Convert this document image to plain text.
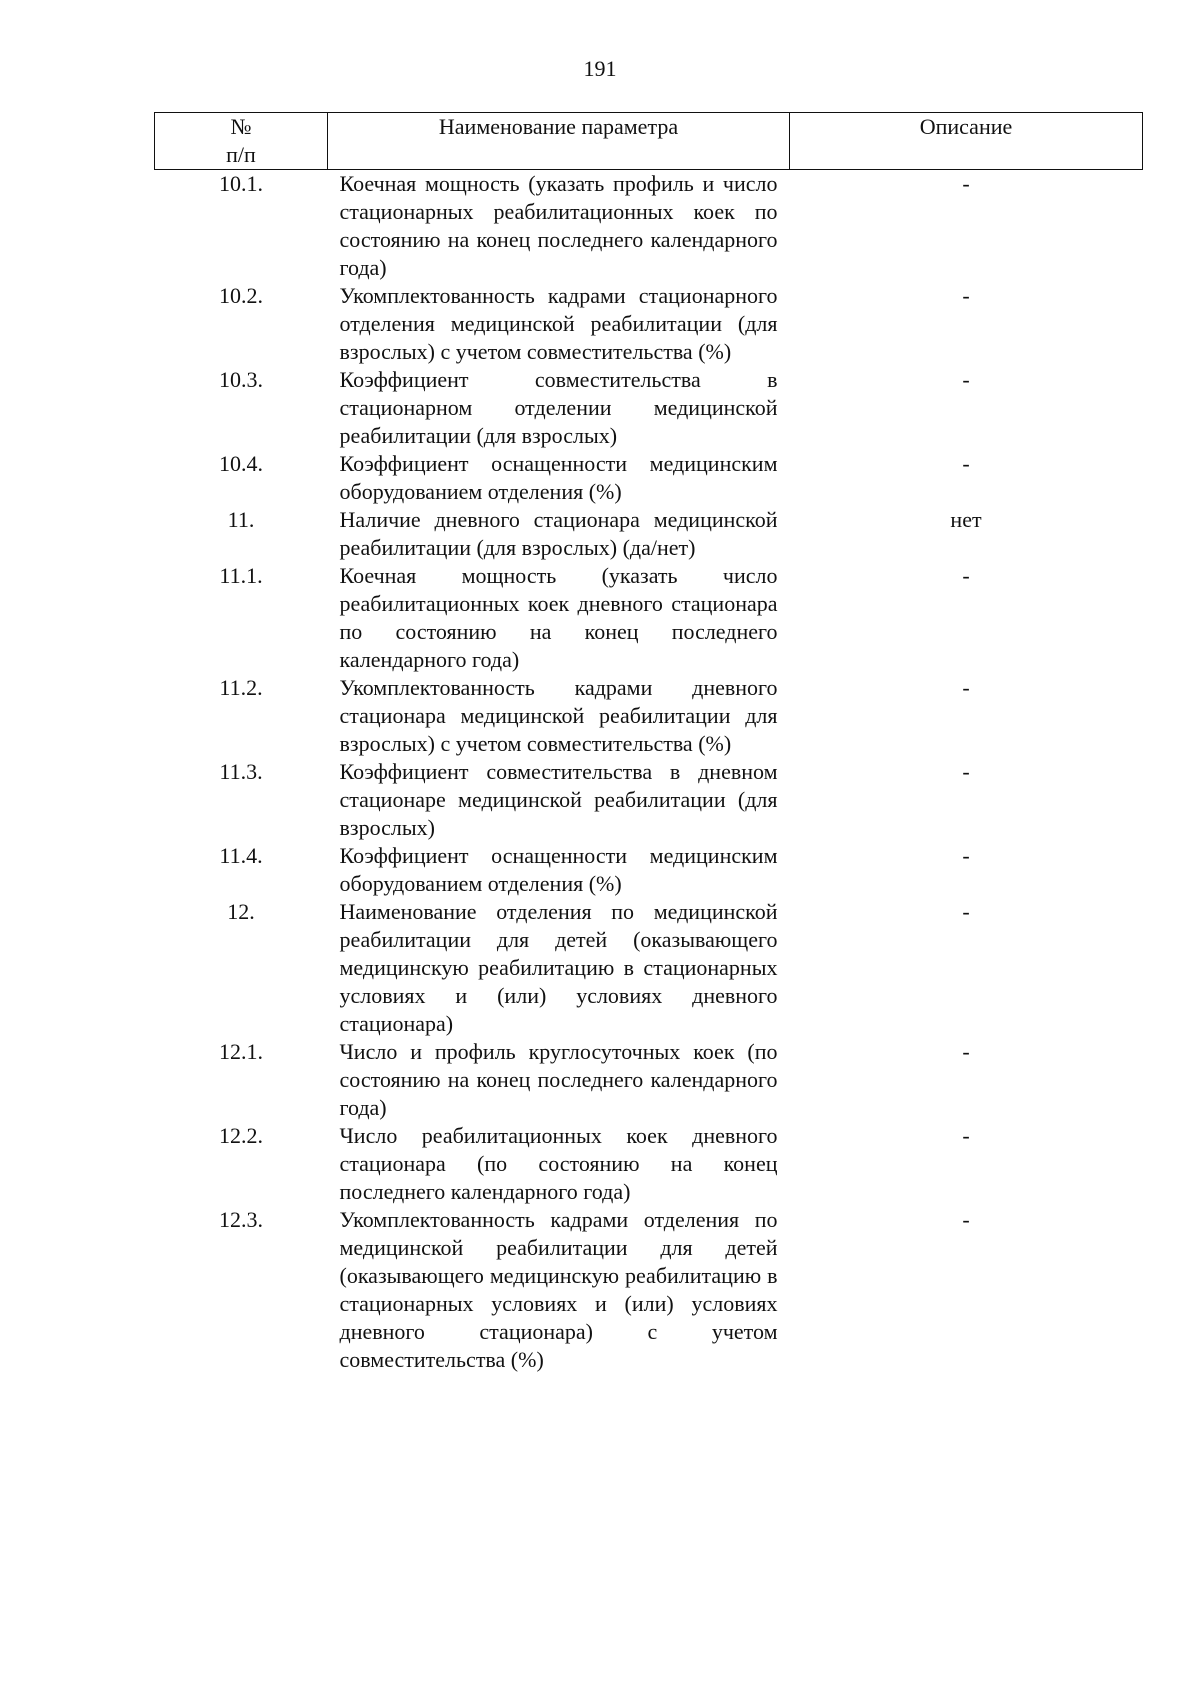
191
№
п/п	Наименование параметра	Описание
10.1.	Коечная мощность (указать профиль и число стационарных реабилитационных коек по состоянию на конец последнего календарного года)	-
10.2.	Укомплектованность кадрами стационарного отделения медицинской реабилитации (для взрослых) с учетом совместительства (%)	-
10.3.	Коэффициент совместительства в стационарном отделении медицинской реабилитации (для взрослых)	-
10.4.	Коэффициент оснащенности медицинским оборудованием отделения (%)	-
11.	Наличие дневного стационара медицинской реабилитации (для взрослых) (да/нет)	нет
11.1.	Коечная мощность (указать число реабилитационных коек дневного стационара по состоянию на конец последнего календарного года)	-
11.2.	Укомплектованность кадрами дневного стационара медицинской реабилитации для взрослых) с учетом совместительства (%)	-
11.3.	Коэффициент совместительства в дневном стационаре медицинской реабилитации (для взрослых)	-
11.4.	Коэффициент оснащенности медицинским оборудованием отделения (%)	-
12.	Наименование отделения по медицинской реабилитации для детей (оказывающего медицинскую реабилитацию в стационарных условиях и (или) условиях дневного стационара)	-
12.1.	Число и профиль круглосуточных коек (по состоянию на конец последнего календарного года)	-
12.2.	Число реабилитационных коек дневного стационара (по состоянию на конец последнего календарного года)	-
12.3.	Укомплектованность кадрами отделения по медицинской реабилитации для детей (оказывающего медицинскую реабилитацию в стационарных условиях и (или) условиях дневного стационара) с учетом совместительства (%)	-
